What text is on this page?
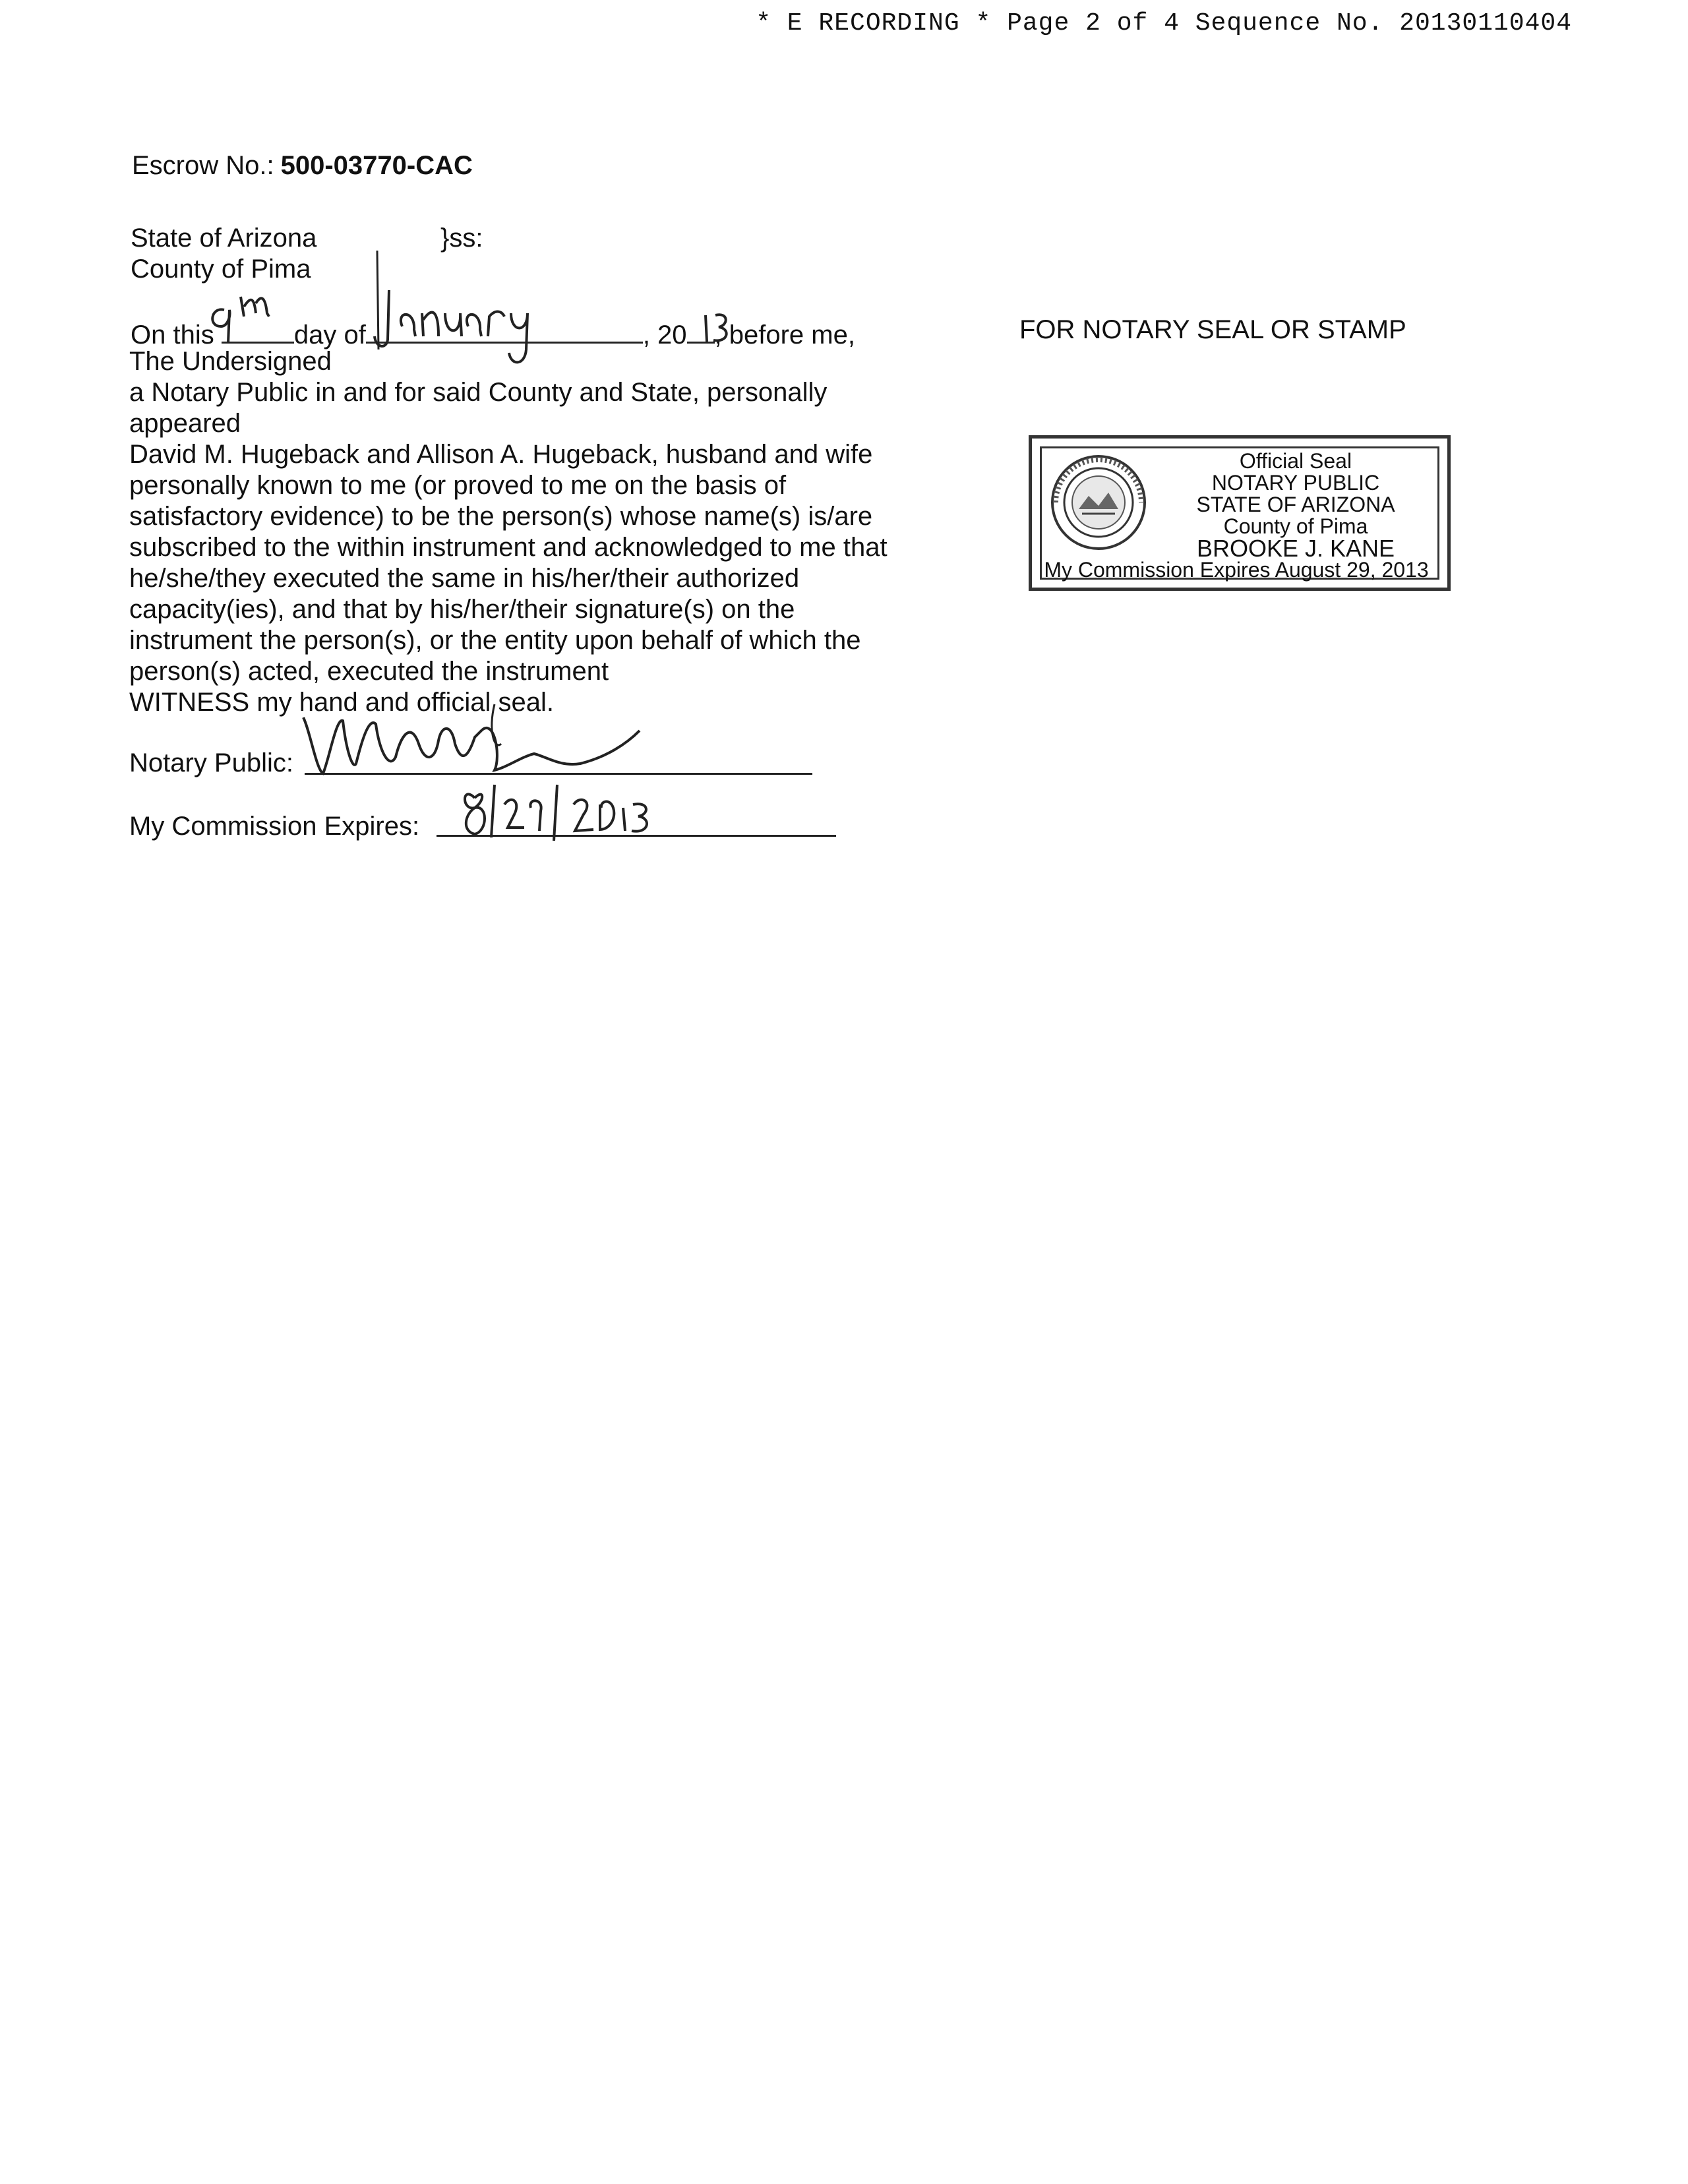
* E RECORDING * Page 2 of 4 Sequence No. 20130110404
Escrow No.: 500-03770-CAC
State of Arizona	}ss:
County of Pima
On this	day of	, 20 , before me,
The Undersigned
a Notary Public in and for said County and State, personally
appeared
David M. Hugeback and Allison A. Hugeback, husband and wife
personally known to me (or proved to me on the basis of
satisfactory evidence) to be the person(s) whose name(s) is/are
subscribed to the within instrument and acknowledged to me that
he/she/they executed the same in his/her/their authorized
capacity(ies), and that by his/her/their signature(s) on the
instrument the person(s), or the entity upon behalf of which the
person(s) acted, executed the instrument
WITNESS my hand and official seal.
Notary Public:
My Commission Expires:
FOR NOTARY SEAL OR STAMP
Official Seal
NOTARY PUBLIC
STATE OF ARIZONA
County of Pima
BROOKE J. KANE
My Commission Expires August 29, 2013
